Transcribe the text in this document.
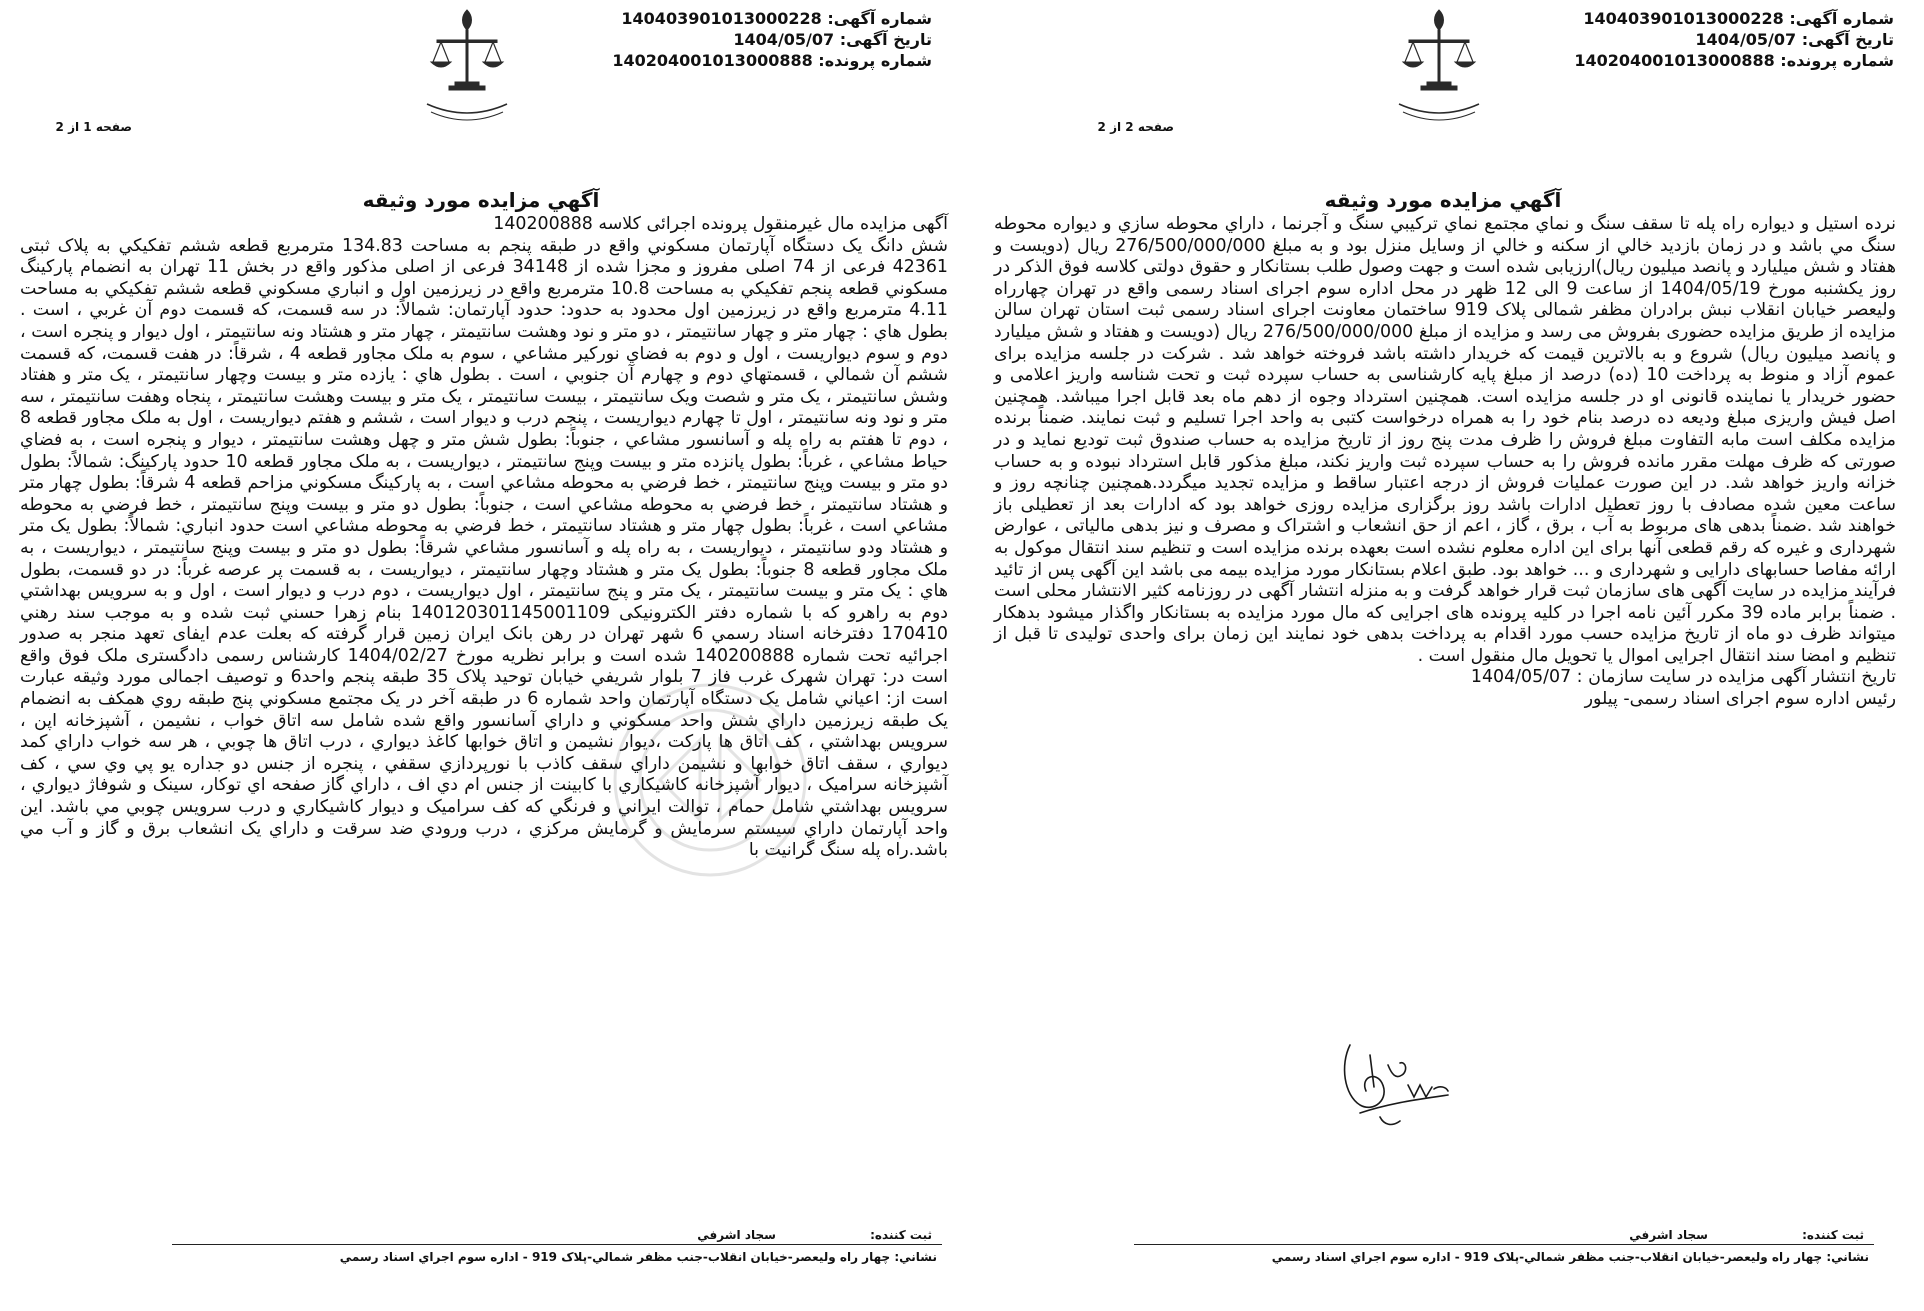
شماره آگهی: 140403901013000228
تاریخ آگهی: 1404/05/07
شماره پرونده: 140204001013000888
صفحه 2 از 2
آگهي مزايده مورد وثيقه

نرده استيل و ديواره راه پله تا سقف سنگ و نماي مجتمع نماي تركيبي سنگ و آجرنما ، داراي محوطه سازي و ديواره محوطه سنگ مي باشد و در زمان بازديد خالي از سكنه و خالي از وسايل منزل بود و به مبلغ 276/500/000/000 ريال (دويست و هفتاد و شش ميليارد و پانصد ميليون ريال)ارزيابى شده است و جهت وصول طلب بستانكار و حقوق دولتى كلاسه فوق الذكر در روز يكشنبه مورخ 1404/05/19 از ساعت 9 الی 12 ظهر در محل اداره سوم اجرای اسناد رسمی واقع در تهران چهارراه وليعصر خيابان انقلاب نبش برادران مظفر شمالی پلاک 919 ساختمان معاونت اجرای اسناد رسمی ثبت استان تهران سالن مزايده از طريق مزايده حضوری بفروش می رسد و مزايده از مبلغ 276/500/000/000 ريال (دويست و هفتاد و شش ميليارد و پانصد ميليون ريال) شروع و به بالاترين قيمت كه خريدار داشته باشد فروخته خواهد شد . شركت در جلسه مزايده برای عموم آزاد و منوط به پرداخت 10 (ده) درصد از مبلغ پايه كارشناسی به حساب سپرده ثبت و تحت شناسه واريز اعلامی و حضور خريدار يا نماينده قانونی او در جلسه مزايده است. همچنين استرداد وجوه از دهم ماه بعد قابل اجرا ميباشد. همچنين اصل فيش واريزی مبلغ وديعه ده درصد بنام خود را به همراه درخواست كتبی به واحد اجرا تسليم و ثبت نمايند. ضمناً برنده مزايده مكلف است مابه التفاوت مبلغ فروش را ظرف مدت پنج روز از تاريخ مزايده به حساب صندوق ثبت توديع نمايد و در صورتی كه ظرف مهلت مقرر مانده فروش را به حساب سپرده ثبت واريز نكند، مبلغ مذكور قابل استرداد نبوده و به حساب خزانه واريز خواهد شد. در اين صورت عمليات فروش از درجه اعتبار ساقط و مزايده تجديد ميگردد.همچنين چنانچه روز و ساعت معين شده مصادف با روز تعطيل ادارات باشد روز برگزاری مزايده روزی خواهد بود كه ادارات بعد از تعطيلی باز خواهند شد .ضمناً بدهی های مربوط به آب ، برق ، گاز ، اعم از حق انشعاب و اشتراک و مصرف و نيز بدهی مالياتی ، عوارض شهرداری و غيره كه رقم قطعی آنها برای اين اداره معلوم نشده است بعهده برنده مزايده است و تنظيم سند انتقال موكول به ارائه مفاصا حسابهای دارايی و شهرداری و ... خواهد بود. طبق اعلام بستانكار مورد مزايده بيمه می باشد اين آگهی پس از تائيد فرآيند مزايده در سايت آگهی های سازمان ثبت قرار خواهد گرفت و به منزله انتشار آگهی در روزنامه كثير الانتشار محلی است . ضمناً برابر ماده 39 مكرر آئين نامه اجرا در كليه پرونده های اجرايی كه مال مورد مزايده به بستانكار واگذار ميشود بدهكار ميتواند ظرف دو ماه از تاريخ مزايده حسب مورد اقدام به پرداخت بدهی خود نمايند اين زمان برای واحدی توليدی تا قبل از تنظيم و امضا سند انتقال اجرايی اموال يا تحويل مال منقول است .

تاريخ انتشار آگهی مزايده در سايت سازمان : 1404/05/07

رئيس اداره سوم اجرای اسناد رسمی- پيلور

ثبت كننده: سجاد اشرفي
نشاني: چهار راه وليعصر-خيابان انقلاب-جنب مظفر شمالي-پلاک 919 - اداره سوم اجراي اسناد رسمي
شماره آگهی: 140403901013000228
تاریخ آگهی: 1404/05/07
شماره پرونده: 140204001013000888
صفحه 1 از 2
آگهي مزايده مورد وثيقه

آگهی مزايده مال غيرمنقول پرونده اجرائی كلاسه 140200888

شش دانگ يک دستگاه آپارتمان مسكوني واقع در طبقه پنجم به مساحت 134.83 مترمربع قطعه ششم تفكيكي به پلاک ثبتی 42361 فرعی از 74 اصلی مفروز و مجزا شده از 34148 فرعی از اصلی مذكور واقع در بخش 11 تهران به انضمام پاركينگ مسكوني قطعه پنجم تفكيكي به مساحت 10.8 مترمربع واقع در زيرزمين اول و انباري مسكوني قطعه ششم تفكيكي به مساحت 4.11 مترمربع واقع در زيرزمين اول محدود به حدود: حدود آپارتمان: شمالاً: در سه قسمت، كه قسمت دوم آن غربي ، است . بطول هاي : چهار متر و چهار سانتيمتر ، دو متر و نود وهشت سانتيمتر ، چهار متر و هشتاد ونه سانتيمتر ، اول ديوار و پنجره است ، دوم و سوم ديواريست ، اول و دوم به فضاي نوركير مشاعي ، سوم به ملک مجاور قطعه 4 ، شرقاً: در هفت قسمت، كه قسمت ششم آن شمالي ، قسمتهاي دوم و چهارم آن جنوبي ، است . بطول هاي : يازده متر و بيست وچهار سانتيمتر ، يک متر و هفتاد وشش سانتيمتر ، يک متر و شصت ويک سانتيمتر ، بيست سانتيمتر ، يک متر و بيست وهشت سانتيمتر ، پنجاه وهفت سانتيمتر ، سه متر و نود ونه سانتيمتر ، اول تا چهارم ديواريست ، پنجم درب و ديوار است ، ششم و هفتم ديواريست ، اول به ملک مجاور قطعه 8 ، دوم تا هفتم به راه پله و آسانسور مشاعي ، جنوباً: بطول شش متر و چهل وهشت سانتيمتر ، ديوار و پنجره است ، به فضاي حياط مشاعي ، غرباً: بطول پانزده متر و بيست وپنج سانتيمتر ، ديواريست ، به ملک مجاور قطعه 10 حدود پاركينگ: شمالاً: بطول دو متر و بيست وپنج سانتيمتر ، خط فرضي به محوطه مشاعي است ، به پاركينگ مسكوني مزاحم قطعه 4 شرقاً: بطول چهار متر و هشتاد سانتيمتر ، خط فرضي به محوطه مشاعي است ، جنوباً: بطول دو متر و بيست وپنج سانتيمتر ، خط فرضي به محوطه مشاعي است ، غرباً: بطول چهار متر و هشتاد سانتيمتر ، خط فرضي به محوطه مشاعي است حدود انباري: شمالاً: بطول يک متر و هشتاد ودو سانتيمتر ، ديواريست ، به راه پله و آسانسور مشاعي شرقاً: بطول دو متر و بيست وپنج سانتيمتر ، ديواريست ، به ملک مجاور قطعه 8 جنوباً: بطول يک متر و هشتاد وچهار سانتيمتر ، ديواريست ، به قسمت پر عرصه غرباً: در دو قسمت، بطول هاي : يک متر و بيست سانتيمتر ، يک متر و پنج سانتيمتر ، اول ديواريست ، دوم درب و ديوار است ، اول و به سرويس بهداشتي دوم به راهرو كه با شماره دفتر الكترونيكی 140120301145001109 بنام زهرا حسني ثبت شده و به موجب سند رهني 170410 دفترخانه اسناد رسمي 6 شهر تهران در رهن بانک ايران زمين قرار گرفته كه بعلت عدم ايفای تعهد منجر به صدور اجرائيه تحت شماره 140200888 شده است و برابر نظريه مورخ 1404/02/27 كارشناس رسمی دادگستری ملک فوق واقع است در: تهران شهرک غرب فاز 7 بلوار شريفي خيابان توحيد پلاک 35 طبقه پنجم واحد6 و توصيف اجمالی مورد وثيقه عبارت است از: اعياني شامل يک دستگاه آپارتمان واحد شماره 6 در طبقه آخر در يک مجتمع مسكوني پنج طبقه روي همكف به انضمام يک طبقه زيرزمين داراي شش واحد مسكوني و داراي آسانسور واقع شده شامل سه اتاق خواب ، نشيمن ، آشپزخانه اپن ، سرويس بهداشتي ، كف اتاق ها پاركت ،ديوار نشيمن و اتاق خوابها كاغذ ديواري ، درب اتاق ها چوبي ، هر سه خواب داراي كمد ديواري ، سقف اتاق خوابها و نشيمن داراي سقف كاذب با نورپردازي سقفي ، پنجره از جنس دو جداره يو پي وي سي ، كف آشپزخانه سراميک ، ديوار آشپزخانه كاشيكاري با كابينت از جنس ام دي اف ، داراي گاز صفحه اي توكار، سينک و شوفاژ ديواري ، سرويس بهداشتي شامل حمام ، توالت ايراني و فرنگي كه كف سراميک و ديوار كاشيكاري و درب سرويس چوبي مي باشد. اين واحد آپارتمان داراي سيستم سرمايش و گرمايش مركزي ، درب ورودي ضد سرقت و داراي يک انشعاب برق و گاز و آب مي باشد.راه پله سنگ گرانيت با

ثبت كننده: سجاد اشرفي
نشاني: چهار راه وليعصر-خيابان انقلاب-جنب مظفر شمالي-پلاک 919 - اداره سوم اجراي اسناد رسمي
